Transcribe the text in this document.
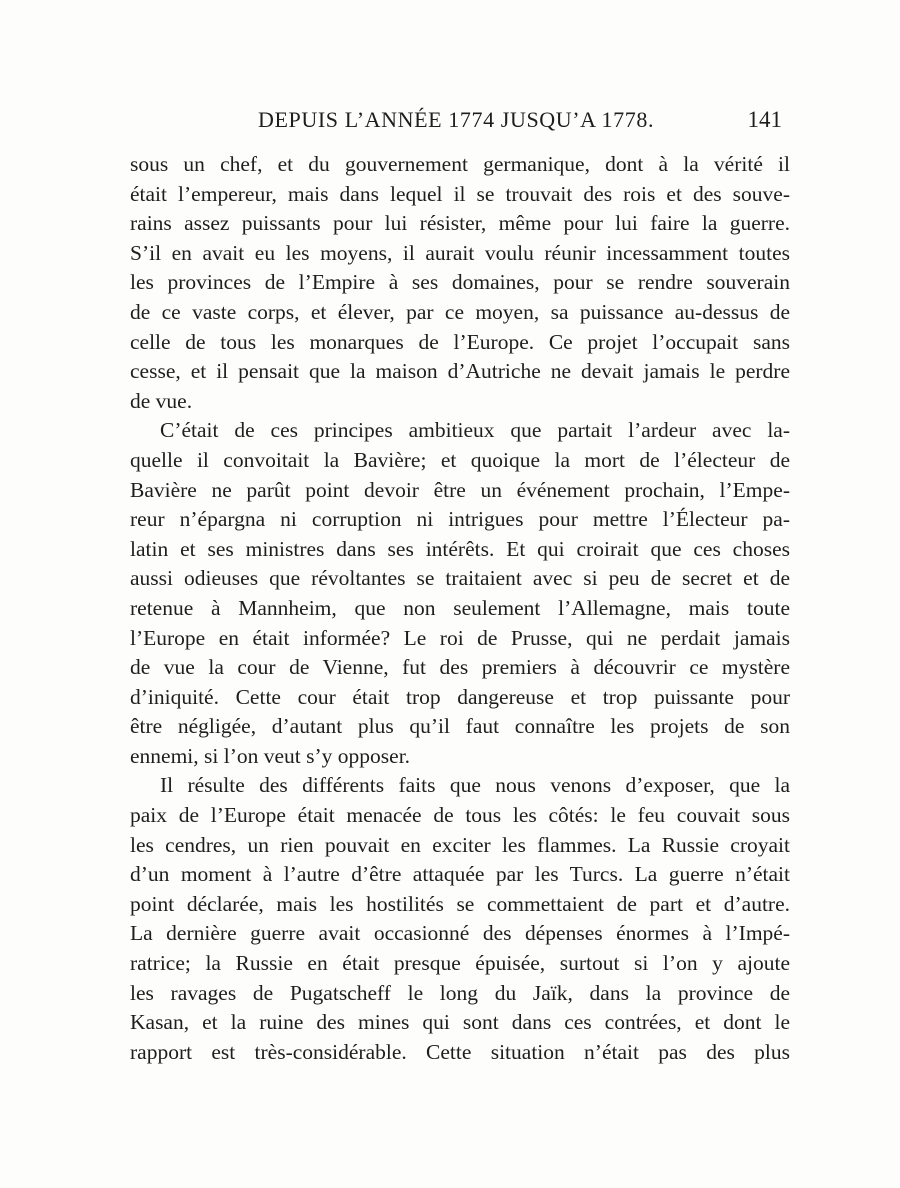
DEPUIS L’ANNÉE 1774 JUSQU’A 1778.	141
sous un chef, et du gouvernement germanique, dont à la vérité il
était l’empereur, mais dans lequel il se trouvait des rois et des souve-
rains assez puissants pour lui résister, même pour lui faire la guerre.
S’il en avait eu les moyens, il aurait voulu réunir incessamment toutes
les provinces de l’Empire à ses domaines, pour se rendre souverain
de ce vaste corps, et élever, par ce moyen, sa puissance au-dessus de
celle de tous les monarques de l’Europe. Ce projet l’occupait sans
cesse, et il pensait que la maison d’Autriche ne devait jamais le perdre
de vue.
C’était de ces principes ambitieux que partait l’ardeur avec la-
quelle il convoitait la Bavière; et quoique la mort de l’électeur de
Bavière ne parût point devoir être un événement prochain, l’Empe-
reur n’épargna ni corruption ni intrigues pour mettre l’Électeur pa-
latin et ses ministres dans ses intérêts. Et qui croirait que ces choses
aussi odieuses que révoltantes se traitaient avec si peu de secret et de
retenue à Mannheim, que non seulement l’Allemagne, mais toute
l’Europe en était informée? Le roi de Prusse, qui ne perdait jamais
de vue la cour de Vienne, fut des premiers à découvrir ce mystère
d’iniquité. Cette cour était trop dangereuse et trop puissante pour
être négligée, d’autant plus qu’il faut connaître les projets de son
ennemi, si l’on veut s’y opposer.
Il résulte des différents faits que nous venons d’exposer, que la
paix de l’Europe était menacée de tous les côtés: le feu couvait sous
les cendres, un rien pouvait en exciter les flammes. La Russie croyait
d’un moment à l’autre d’être attaquée par les Turcs. La guerre n’était
point déclarée, mais les hostilités se commettaient de part et d’autre.
La dernière guerre avait occasionné des dépenses énormes à l’Impé-
ratrice; la Russie en était presque épuisée, surtout si l’on y ajoute
les ravages de Pugatscheff le long du Jaïk, dans la province de
Kasan, et la ruine des mines qui sont dans ces contrées, et dont le
rapport est très-considérable. Cette situation n’était pas des plus
